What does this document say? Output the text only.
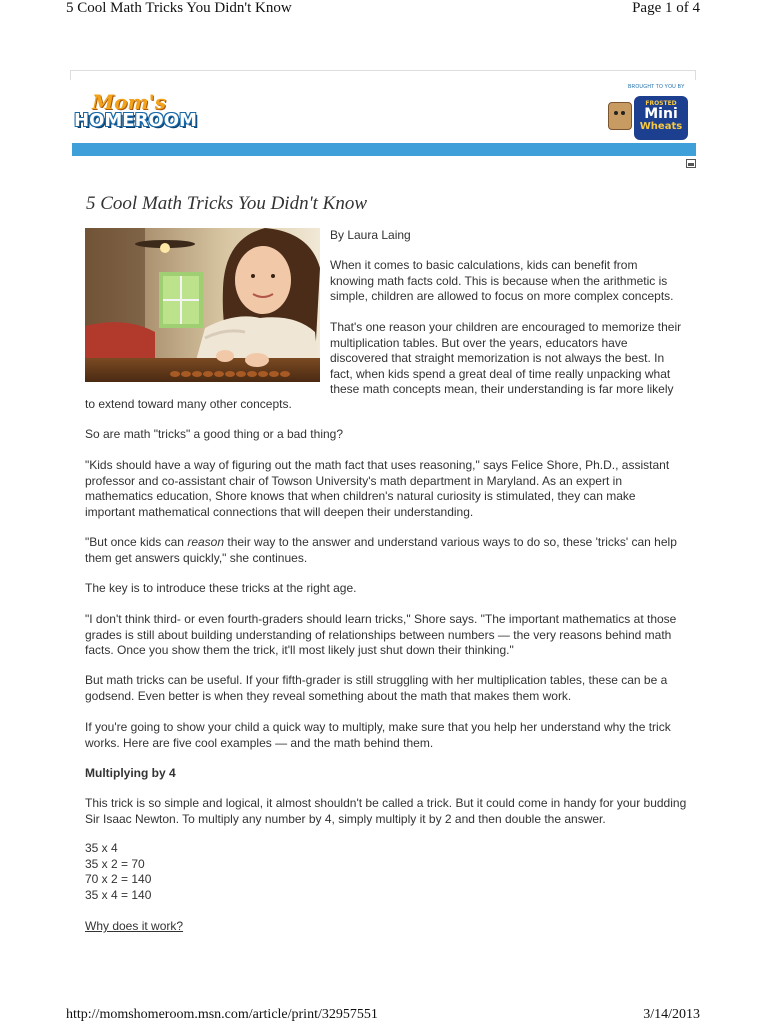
5 Cool Math Tricks You Didn't Know	Page 1 of 4
Mom's
HOMEROOM
BROUGHT TO YOU BY
FROSTED
Mini
Wheats
5 Cool Math Tricks You Didn't Know

By Laura Laing

When it comes to basic calculations, kids can benefit from knowing math facts cold. This is because when the arithmetic is simple, children are allowed to focus on more complex concepts.

That's one reason your children are encouraged to memorize their multiplication tables. But over the years, educators have discovered that straight memorization is not always the best. In fact, when kids spend a great deal of time really unpacking what these math concepts mean, their understanding is far more likely

to extend toward many other concepts.

So are math "tricks" a good thing or a bad thing?

"Kids should have a way of figuring out the math fact that uses reasoning," says Felice Shore, Ph.D., assistant professor and co-assistant chair of Towson University's math department in Maryland. As an expert in mathematics education, Shore knows that when children's natural curiosity is stimulated, they can make important mathematical connections that will deepen their understanding.

"But once kids can reason their way to the answer and understand various ways to do so, these 'tricks' can help them get answers quickly," she continues.

The key is to introduce these tricks at the right age.

"I don't think third- or even fourth-graders should learn tricks," Shore says. "The important mathematics at those grades is still about building understanding of relationships between numbers — the very reasons behind math facts. Once you show them the trick, it'll most likely just shut down their thinking."

But math tricks can be useful. If your fifth-grader is still struggling with her multiplication tables, these can be a godsend. Even better is when they reveal something about the math that makes them work.

If you're going to show your child a quick way to multiply, make sure that you help her understand why the trick works. Here are five cool examples — and the math behind them.

Multiplying by 4

This trick is so simple and logical, it almost shouldn't be called a trick. But it could come in handy for your budding Sir Isaac Newton. To multiply any number by 4, simply multiply it by 2 and then double the answer.

35 x 4
35 x 2 = 70
70 x 2 = 140
35 x 4 = 140

Why does it work?

http://momshomeroom.msn.com/article/print/32957551	3/14/2013
